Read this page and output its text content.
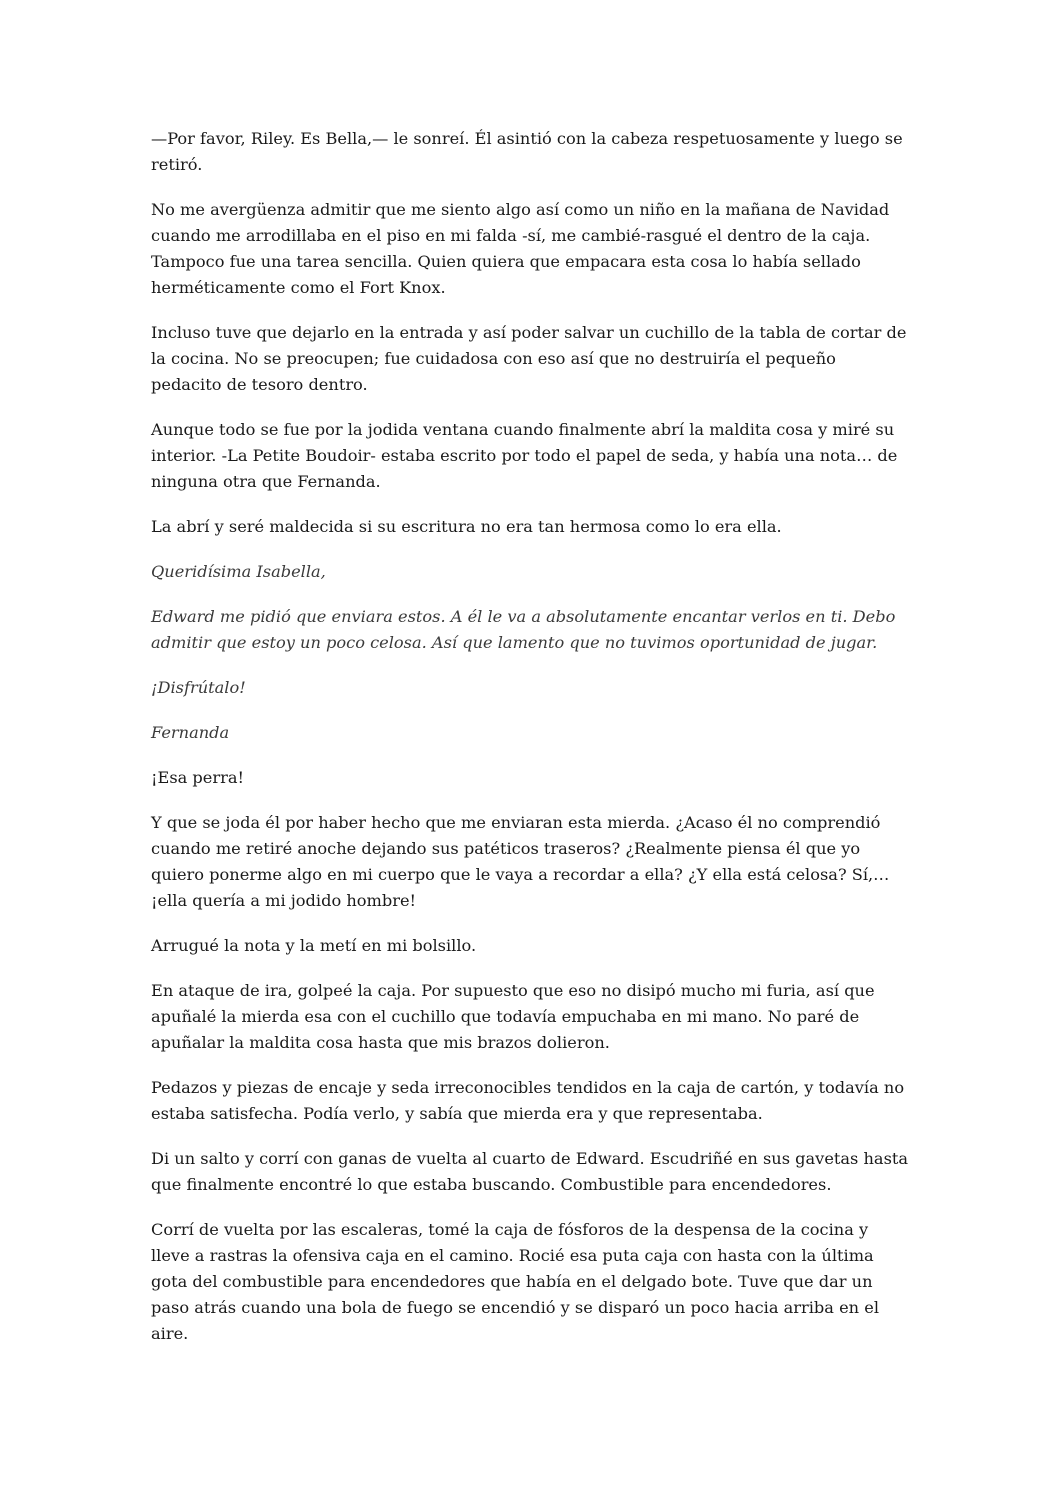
—Por favor, Riley. Es Bella,— le sonreí. Él asintió con la cabeza respetuosamente y luego se retiró.

No me avergüenza admitir que me siento algo así como un niño en la mañana de Navidad cuando me arrodillaba en el piso en mi falda -sí, me cambié-rasgué el dentro de la caja. Tampoco fue una tarea sencilla. Quien quiera que empacara esta cosa lo había sellado herméticamente como el Fort Knox.

Incluso tuve que dejarlo en la entrada y así poder salvar un cuchillo de la tabla de cortar de la cocina. No se preocupen; fue cuidadosa con eso así que no destruiría el pequeño pedacito de tesoro dentro.

Aunque todo se fue por la jodida ventana cuando finalmente abrí la maldita cosa y miré su interior. -La Petite Boudoir- estaba escrito por todo el papel de seda, y había una nota… de ninguna otra que Fernanda.

La abrí y seré maldecida si su escritura no era tan hermosa como lo era ella.

Queridísima Isabella,

Edward me pidió que enviara estos. A él le va a absolutamente encantar verlos en ti. Debo admitir que estoy un poco celosa. Así que lamento que no tuvimos oportunidad de jugar.

¡Disfrútalo!

Fernanda

¡Esa perra!

Y que se joda él por haber hecho que me enviaran esta mierda. ¿Acaso él no comprendió cuando me retiré anoche dejando sus patéticos traseros? ¿Realmente piensa él que yo quiero ponerme algo en mi cuerpo que le vaya a recordar a ella? ¿Y ella está celosa? Sí,… ¡ella quería a mi jodido hombre!

Arrugué la nota y la metí en mi bolsillo.

En ataque de ira, golpeé la caja. Por supuesto que eso no disipó mucho mi furia, así que apuñalé la mierda esa con el cuchillo que todavía empuchaba en mi mano. No paré de apuñalar la maldita cosa hasta que mis brazos dolieron.

Pedazos y piezas de encaje y seda irreconocibles tendidos en la caja de cartón, y todavía no estaba satisfecha. Podía verlo, y sabía que mierda era y que representaba.

Di un salto y corrí con ganas de vuelta al cuarto de Edward. Escudriñé en sus gavetas hasta que finalmente encontré lo que estaba buscando. Combustible para encendedores.

Corrí de vuelta por las escaleras, tomé la caja de fósforos de la despensa de la cocina y lleve a rastras la ofensiva caja en el camino. Rocié esa puta caja con hasta con la última gota del combustible para encendedores que había en el delgado bote. Tuve que dar un paso atrás cuando una bola de fuego se encendió y se disparó un poco hacia arriba en el aire.
